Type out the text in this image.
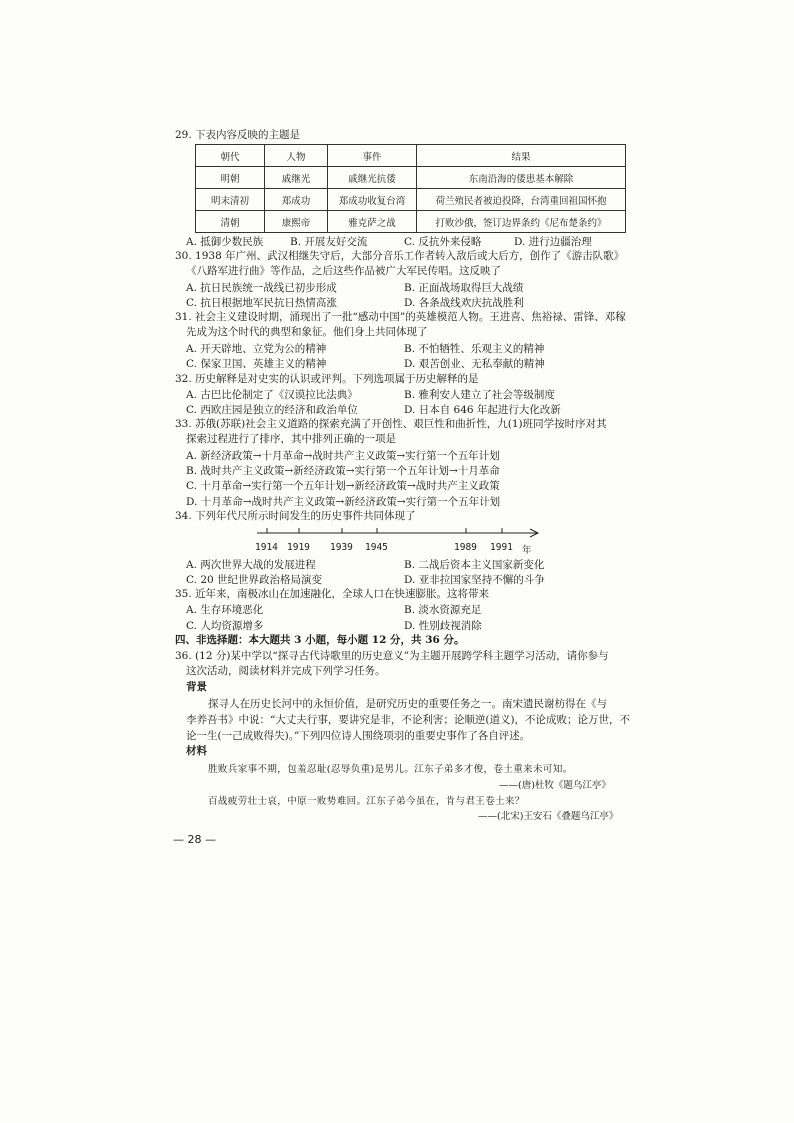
29. 下表内容反映的主题是
朝代	人物	事件	结果
明朝	戚继光	戚继光抗倭	东南沿海的倭患基本解除
明末清初	郑成功	郑成功收复台湾	荷兰殖民者被迫投降，台湾重回祖国怀抱
清朝	康熙帝	雅克萨之战	打败沙俄，签订边界条约《尼布楚条约》
A. 抵御少数民族	B. 开展友好交流	C. 反抗外来侵略	D. 进行边疆治理
30. 1938 年广州、武汉相继失守后，大部分音乐工作者转入敌后或大后方，创作了《游击队歌》
《八路军进行曲》等作品，之后这些作品被广大军民传唱。这反映了
A. 抗日民族统一战线已初步形成	B. 正面战场取得巨大战绩
C. 抗日根据地军民抗日热情高涨	D. 各条战线欢庆抗战胜利
31. 社会主义建设时期，涌现出了一批“感动中国”的英雄模范人物。王进喜、焦裕禄、雷锋、邓稼
先成为这个时代的典型和象征。他们身上共同体现了
A. 开天辟地、立党为公的精神	B. 不怕牺牲、乐观主义的精神
C. 保家卫国、英雄主义的精神	D. 艰苦创业、无私奉献的精神
32. 历史解释是对史实的认识或评判。下列选项属于历史解释的是
A. 古巴比伦制定了《汉谟拉比法典》	B. 雅利安人建立了社会等级制度
C. 西欧庄园是独立的经济和政治单位	D. 日本自 646 年起进行大化改新
33. 苏俄(苏联)社会主义道路的探索充满了开创性、艰巨性和曲折性，九(1)班同学按时序对其
探索过程进行了排序，其中排列正确的一项是
A. 新经济政策→十月革命→战时共产主义政策→实行第一个五年计划
B. 战时共产主义政策→新经济政策→实行第一个五年计划→十月革命
C. 十月革命→实行第一个五年计划→新经济政策→战时共产主义政策
D. 十月革命→战时共产主义政策→新经济政策→实行第一个五年计划
34. 下列年代尺所示时间发生的历史事件共同体现了
1914 1919 1939 1945	1989 1991 年
A. 两次世界大战的发展进程	B. 二战后资本主义国家新变化
C. 20 世纪世界政治格局演变	D. 亚非拉国家坚持不懈的斗争
35. 近年来，南极冰山在加速融化，全球人口在快速膨胀。这将带来
A. 生存环境恶化	B. 淡水资源充足
C. 人均资源增多	D. 性别歧视消除
四、非选择题：本大题共 3 小题，每小题 12 分，共 36 分。
36. (12 分)某中学以“探寻古代诗歌里的历史意义”为主题开展跨学科主题学习活动，请你参与
这次活动，阅读材料并完成下列学习任务。
背景
探寻人在历史长河中的永恒价值，是研究历史的重要任务之一。南宋遗民谢枋得在《与
李养吾书》中说：“大丈夫行事，要讲究是非，不论利害；论顺逆(道义)，不论成败；论万世，不
论一生(一己成败得失)。”下列四位诗人围绕项羽的重要史事作了各自评述。
材料
胜败兵家事不期，包羞忍耻(忍辱负重)是男儿。江东子弟多才俊，卷土重来未可知。
——(唐)杜牧《题乌江亭》
百战疲劳壮士哀，中原一败势难回。江东子弟今虽在，肯与君王卷土来？
——(北宋)王安石《叠题乌江亭》
— 28 —
